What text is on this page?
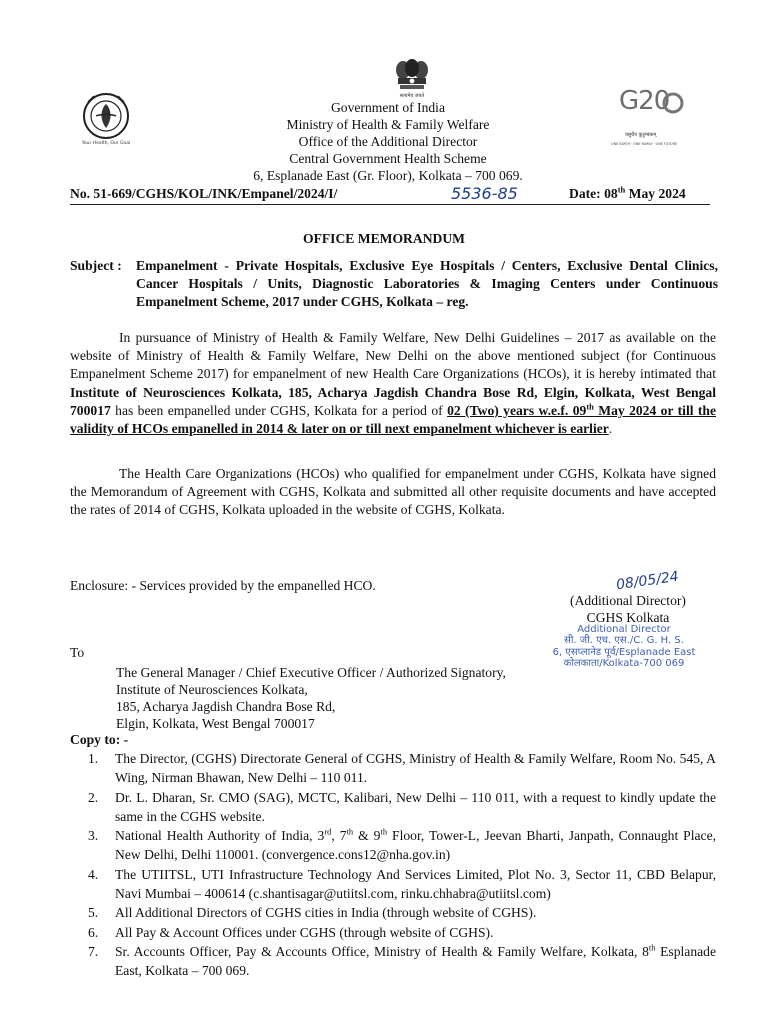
Your Health, Our Goal
सत्यमेव जयते	G20
वसुधैव कुटुम्बकम्
ONE EARTH · ONE FAMILY · ONE FUTURE
Government of India
Ministry of Health & Family Welfare
Office of the Additional Director
Central Government Health Scheme
6, Esplanade East (Gr. Floor), Kolkata – 700 069.
No. 51-669/CGHS/KOL/INK/Empanel/2024/I/	5536-85	Date: 08th May 2024
OFFICE MEMORANDUM
Subject : Empanelment - Private Hospitals, Exclusive Eye Hospitals / Centers, Exclusive Dental Clinics, Cancer Hospitals / Units, Diagnostic Laboratories & Imaging Centers under Continuous Empanelment Scheme, 2017 under CGHS, Kolkata – reg.
In pursuance of Ministry of Health & Family Welfare, New Delhi Guidelines – 2017 as available on the website of Ministry of Health & Family Welfare, New Delhi on the above mentioned subject (for Continuous Empanelment Scheme 2017) for empanelment of new Health Care Organizations (HCOs), it is hereby intimated that Institute of Neurosciences Kolkata, 185, Acharya Jagdish Chandra Bose Rd, Elgin, Kolkata, West Bengal 700017 has been empanelled under CGHS, Kolkata for a period of 02 (Two) years w.e.f. 09th May 2024 or till the validity of HCOs empanelled in 2014 & later on or till next empanelment whichever is earlier.
The Health Care Organizations (HCOs) who qualified for empanelment under CGHS, Kolkata have signed the Memorandum of Agreement with CGHS, Kolkata and submitted all other requisite documents and have accepted the rates of 2014 of CGHS, Kolkata uploaded in the website of CGHS, Kolkata.
Enclosure: - Services provided by the empanelled HCO.	08/05/24
(Additional Director)
CGHS Kolkata
Additional Director
सी. जी. एच. एस./C. G. H. S.
6, एसप्लानेड पूर्व/Esplanade East
कोलकाता/Kolkata-700 069
To
The General Manager / Chief Executive Officer / Authorized Signatory,
Institute of Neurosciences Kolkata,
185, Acharya Jagdish Chandra Bose Rd,
Elgin, Kolkata, West Bengal 700017
Copy to: -
1. The Director, (CGHS) Directorate General of CGHS, Ministry of Health & Family Welfare, Room No. 545, A Wing, Nirman Bhawan, New Delhi – 110 011.
2. Dr. L. Dharan, Sr. CMO (SAG), MCTC, Kalibari, New Delhi – 110 011, with a request to kindly update the same in the CGHS website.
3. National Health Authority of India, 3rd, 7th & 9th Floor, Tower-L, Jeevan Bharti, Janpath, Connaught Place, New Delhi, Delhi 110001. (convergence.cons12@nha.gov.in)
4. The UTIITSL, UTI Infrastructure Technology And Services Limited, Plot No. 3, Sector 11, CBD Belapur, Navi Mumbai – 400614 (c.shantisagar@utiitsl.com, rinku.chhabra@utiitsl.com)
5. All Additional Directors of CGHS cities in India (through website of CGHS).
6. All Pay & Account Offices under CGHS (through website of CGHS).
7. Sr. Accounts Officer, Pay & Accounts Office, Ministry of Health & Family Welfare, Kolkata, 8th Esplanade East, Kolkata – 700 069.
